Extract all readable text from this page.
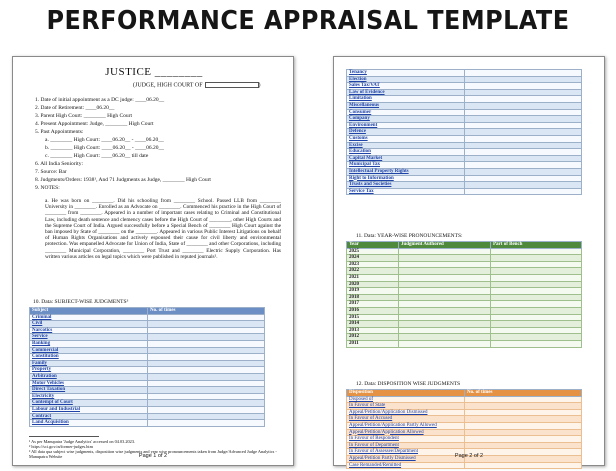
PERFORMANCE APPRAISAL TEMPLATE
JUSTICE ________
(JUDGE, HIGH COURT OF	)
1. Date of initial appointment as a DC judge: ____06.20__
2. Date of Retirement: ____06.20__
3. Parent High Court: ________ High Court
4. Present Appointment: Judge, ________ High Court
5. Past Appointments:
a. ________ High Court: ____06.20__ - ____06.20__
b. ________ High Court: ____06.20__ - ____06.20__
c. ________ High Court: ____06.20__ till date
6. All India Seniority:
7. Source: Bar
8. Judgments/Orders: 1938¹, And 71 Judgments as Judge, ________ High Court
9. NOTES:
a. He was born on ________. Did his schooling from ________ School. Passed LLB from ________ University in ________. Enrolled as an Advocate on ________. Commenced his practice in the High Court of ________ from ________. Appeared in a number of important cases relating to Criminal and Constitutional Law, including death sentence and clemency cases before the High Court of ________, other High Courts and the Supreme Court of India. Argued successfully before a Special Bench of ________ High Court against the ban imposed by State of ________ on the ________. Appeared in various Public Interest Litigations on behalf of Human Rights Organisations and actively espoused their cause for civil liberty and environmental protection. Was empanelled Advocate for Union of India, State of ________ and other Corporations, including ________ Municipal Corporation, ________ Port Trust and ________ Electric Supply Corporation. Has written various articles on legal topics which were published in reputed journals².
10. Data: SUBJECT-WISE JUDGMENTS³
Subject	No. of times
Criminal	
Civil	
Narcotics	
Service	
Banking	
Commercial	
Constitution	
Family	
Property	
Arbitration	
Motor Vehicles	
Direct Taxation	
Electricity	
Contempt of Court	
Labour and Industrial	
Contract	
Land Acquisition	
¹ As per Manupatra 'Judge Analytics' accessed on 04.03.2023.
² https://sci.gov.in/former-judges.htm
³ All data qua subject wise judgments, disposition wise judgments and year wise pronouncements taken from Judge/Advanced Judge Analytics -Manupatra Website	Page 1 of 2
Tenancy	
Election	
Sales Tax/VAT	
Law of Evidence	
Limitation	
Miscellaneous	
Consumer	
Company	
Environment	
Defence	
Customs	
Excise	
Education	
Capital Market	
Municipal Tax	
Intellectual Property Rights	
Right to Information	
Trusts and Societies	
Service Tax	
11. Data: YEAR-WISE PRONOUNCEMENTS:
Year	Judgment Authored	Part of Bench
2025		
2024		
2023		
2022		
2021		
2020		
2019		
2018		
2017		
2016		
2015		
2014		
2013		
2012		
2011		
12. Data: DISPOSITION WISE JUDGMENTS
Disposition	No. of times
Disposed of	
In Favour of State	
Appeal/Petition/Application Dismissed	
In Favour of Accused	
Appeal/Petition/Application Partly Allowed	
Appeal/Petition/Application Allowed	
In Favour of Respondent	
In Favour of Department	
In Favour of Assessee/Department	
Appeal/Petition Partly Dismissed	
Case Remanded/Remitted	
Page 2 of 2
